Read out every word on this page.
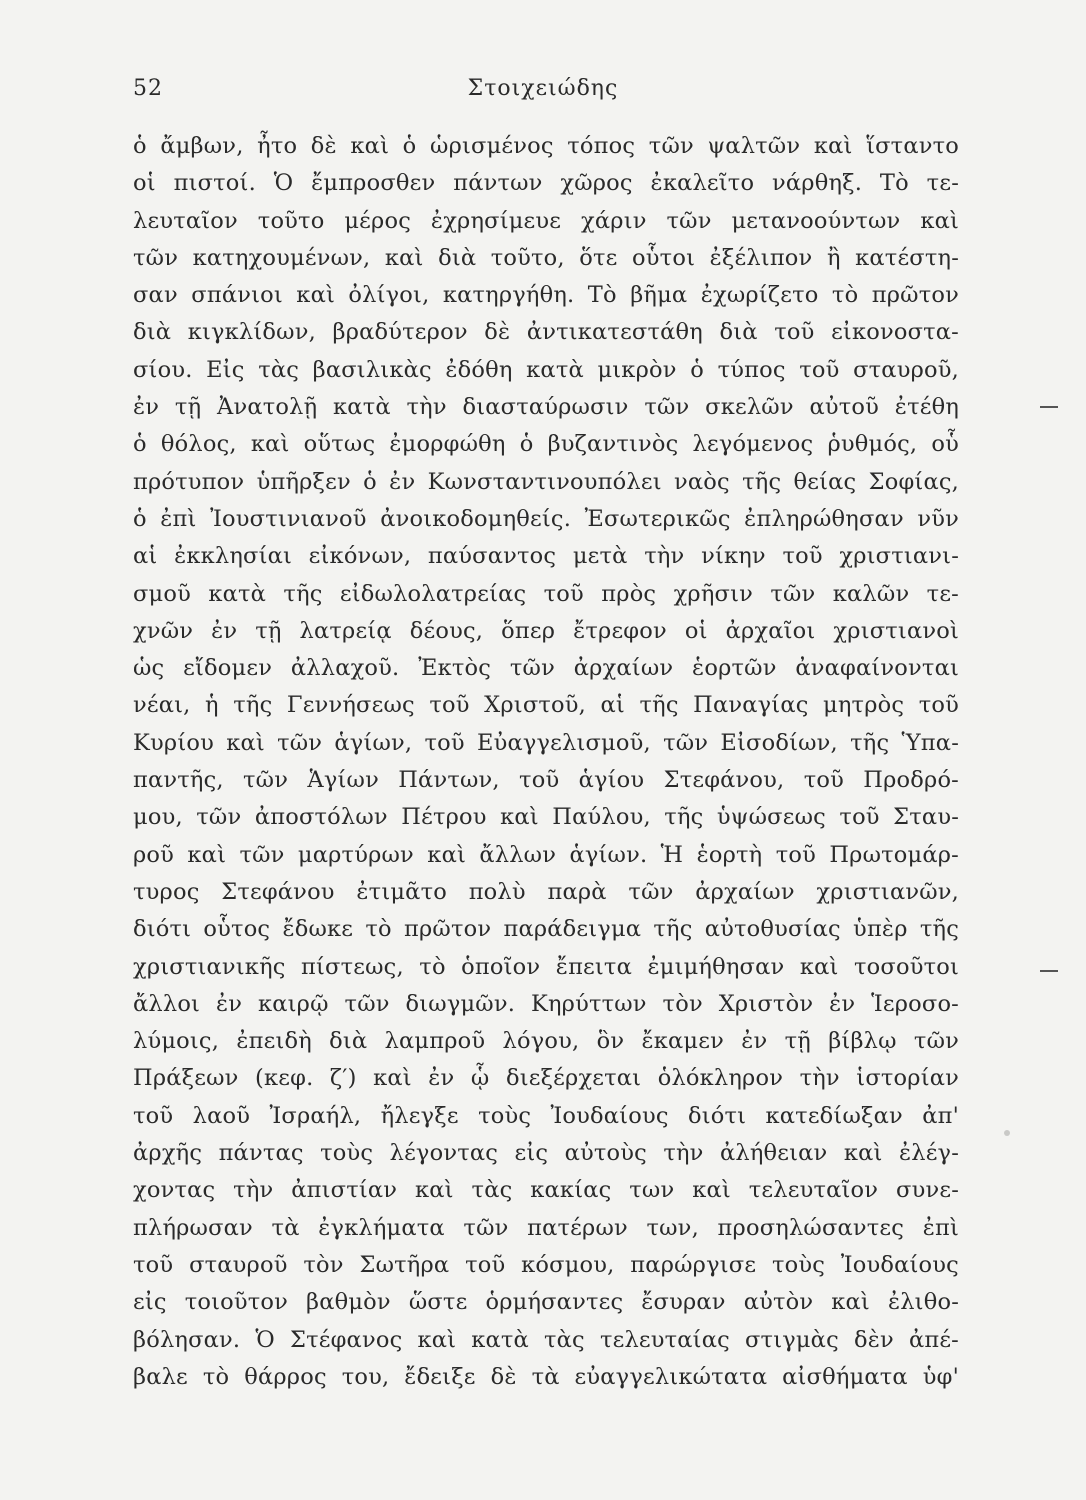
52	Στοιχειώδης
ὁ ἄμβων, ἦτο δὲ καὶ ὁ ὡρισμένος τόπος τῶν ψαλτῶν καὶ ἵσταντο
οἱ πιστοί. Ὁ ἔμπροσθεν πάντων χῶρος ἐκαλεῖτο νάρθηξ. Τὸ τε-
λευταῖον τοῦτο μέρος ἐχρησίμευε χάριν τῶν μετανοούντων καὶ
τῶν κατηχουμένων, καὶ διὰ τοῦτο, ὅτε οὗτοι ἐξέλιπον ἢ κατέστη-
σαν σπάνιοι καὶ ὀλίγοι, κατηργήθη. Τὸ βῆμα ἐχωρίζετο τὸ πρῶτον
διὰ κιγκλίδων, βραδύτερον δὲ ἀντικατεστάθη διὰ τοῦ εἰκονοστα-
σίου. Εἰς τὰς βασιλικὰς ἐδόθη κατὰ μικρὸν ὁ τύπος τοῦ σταυροῦ,
ἐν τῇ Ἀνατολῇ κατὰ τὴν διασταύρωσιν τῶν σκελῶν αὐτοῦ ἐτέθη
ὁ θόλος, καὶ οὕτως ἐμορφώθη ὁ βυζαντινὸς λεγόμενος ῥυθμός, οὗ
πρότυπον ὑπῆρξεν ὁ ἐν Κωνσταντινουπόλει ναὸς τῆς θείας Σοφίας,
ὁ ἐπὶ Ἰουστινιανοῦ ἀνοικοδομηθείς. Ἐσωτερικῶς ἐπληρώθησαν νῦν
αἱ ἐκκλησίαι εἰκόνων, παύσαντος μετὰ τὴν νίκην τοῦ χριστιανι-
σμοῦ κατὰ τῆς εἰδωλολατρείας τοῦ πρὸς χρῆσιν τῶν καλῶν τε-
χνῶν ἐν τῇ λατρείᾳ δέους, ὅπερ ἔτρεφον οἱ ἀρχαῖοι χριστιανοὶ
ὡς εἴδομεν ἀλλαχοῦ. Ἐκτὸς τῶν ἀρχαίων ἑορτῶν ἀναφαίνονται
νέαι, ἡ τῆς Γεννήσεως τοῦ Χριστοῦ, αἱ τῆς Παναγίας μητρὸς τοῦ
Κυρίου καὶ τῶν ἁγίων, τοῦ Εὐαγγελισμοῦ, τῶν Εἰσοδίων, τῆς Ὑπα-
παντῆς, τῶν Ἁγίων Πάντων, τοῦ ἁγίου Στεφάνου, τοῦ Προδρό-
μου, τῶν ἀποστόλων Πέτρου καὶ Παύλου, τῆς ὑψώσεως τοῦ Σταυ-
ροῦ καὶ τῶν μαρτύρων καὶ ἄλλων ἁγίων. Ἡ ἑορτὴ τοῦ Πρωτομάρ-
τυρος Στεφάνου ἐτιμᾶτο πολὺ παρὰ τῶν ἀρχαίων χριστιανῶν,
διότι οὗτος ἔδωκε τὸ πρῶτον παράδειγμα τῆς αὐτοθυσίας ὑπὲρ τῆς
χριστιανικῆς πίστεως, τὸ ὁποῖον ἔπειτα ἐμιμήθησαν καὶ τοσοῦτοι
ἄλλοι ἐν καιρῷ τῶν διωγμῶν. Κηρύττων τὸν Χριστὸν ἐν Ἱεροσο-
λύμοις, ἐπειδὴ διὰ λαμπροῦ λόγου, ὃν ἔκαμεν ἐν τῇ βίβλῳ τῶν
Πράξεων (κεφ. ζ′) καὶ ἐν ᾧ διεξέρχεται ὁλόκληρον τὴν ἱστορίαν
τοῦ λαοῦ Ἰσραήλ, ἤλεγξε τοὺς Ἰουδαίους διότι κατεδίωξαν ἀπ'
ἀρχῆς πάντας τοὺς λέγοντας εἰς αὐτοὺς τὴν ἀλήθειαν καὶ ἐλέγ-
χοντας τὴν ἀπιστίαν καὶ τὰς κακίας των καὶ τελευταῖον συνε-
πλήρωσαν τὰ ἐγκλήματα τῶν πατέρων των, προσηλώσαντες ἐπὶ
τοῦ σταυροῦ τὸν Σωτῆρα τοῦ κόσμου, παρώργισε τοὺς Ἰουδαίους
εἰς τοιοῦτον βαθμὸν ὥστε ὁρμήσαντες ἔσυραν αὐτὸν καὶ ἐλιθο-
βόλησαν. Ὁ Στέφανος καὶ κατὰ τὰς τελευταίας στιγμὰς δὲν ἀπέ-
βαλε τὸ θάρρος του, ἔδειξε δὲ τὰ εὐαγγελικώτατα αἰσθήματα ὑφ'
